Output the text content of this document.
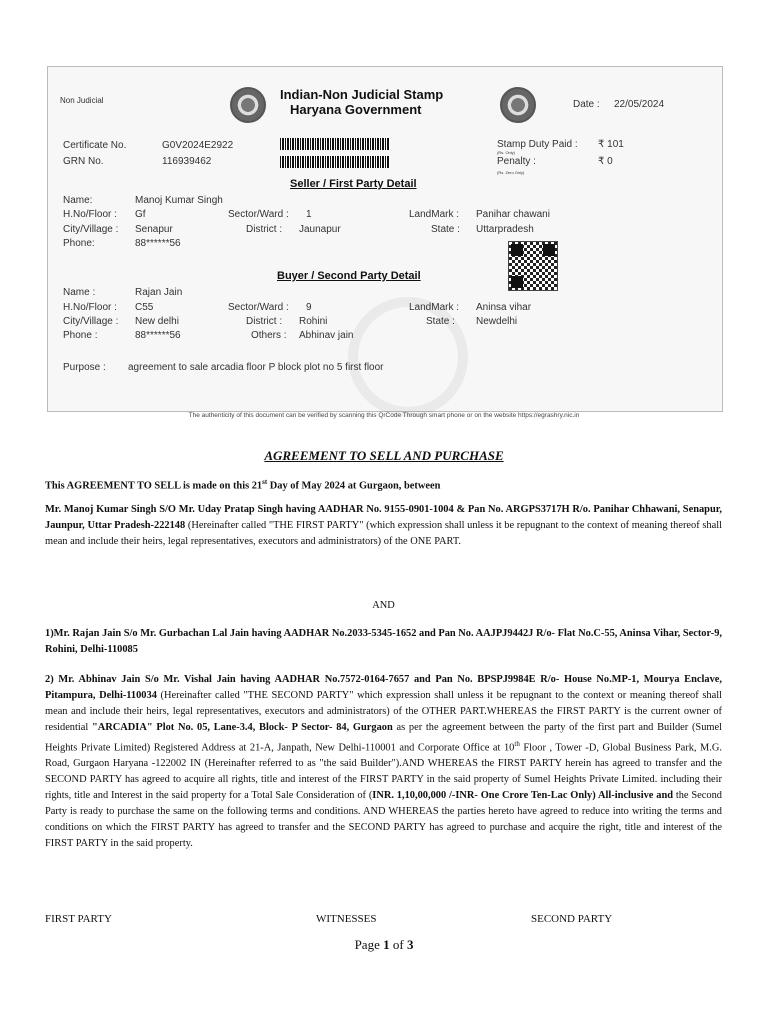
Non Judicial	Indian-Non Judicial Stamp
Haryana Government	Date : 22/05/2024
Certificate No.	G0V2024E2922
GRN No.	116939462
Stamp Duty Paid : ₹ 101
(Rs. Only)
Penalty :	₹ 0
(Rs. Zero Only)
Seller / First Party Detail
Name:	Manoj Kumar Singh
H.No/Floor : Gf	Sector/Ward : 1	LandMark : Panihar chawani
City/Village : Senapur	District : Jaunapur	State : Uttarpradesh
Phone:	88******56
Buyer / Second Party Detail
Name :	Rajan Jain
H.No/Floor : C55	Sector/Ward : 9	LandMark : Aninsa vihar
City/Village : New delhi	District : Rohini	State : Newdelhi
Phone :	88******56	Others : Abhinav jain
Purpose : agreement to sale arcadia floor P block plot no 5 first floor
The authenticity of this document can be verified by scanning this QrCode Through smart phone or on the website https://egrashry.nic.in
AGREEMENT TO SELL AND PURCHASE

This AGREEMENT TO SELL is made on this 21st Day of May 2024 at Gurgaon, between

Mr. Manoj Kumar Singh S/O Mr. Uday Pratap Singh having AADHAR No. 9155-0901-1004 & Pan No. ARGPS3717H R/o. Panihar Chhawani, Senapur, Jaunpur, Uttar Pradesh-222148 (Hereinafter called "THE FIRST PARTY" (which expression shall unless it be repugnant to the context of meaning thereof shall mean and include their heirs, legal representatives, executors and administrators) of the ONE PART.

AND

1)Mr. Rajan Jain S/o Mr. Gurbachan Lal Jain having AADHAR No.2033-5345-1652 and Pan No. AAJPJ9442J R/o- Flat No.C-55, Aninsa Vihar, Sector-9, Rohini, Delhi-110085

2) Mr. Abhinav Jain S/o Mr. Vishal Jain having AADHAR No.7572-0164-7657 and Pan No. BPSPJ9984E R/o- House No.MP-1, Mourya Enclave, Pitampura, Delhi-110034 (Hereinafter called "THE SECOND PARTY" which expression shall unless it be repugnant to the context or meaning thereof shall mean and include their heirs, legal representatives, executors and administrators) of the OTHER PART.WHEREAS the FIRST PARTY is the current owner of residential "ARCADIA" Plot No. 05, Lane-3.4, Block- P Sector- 84, Gurgaon as per the agreement between the party of the first part and Builder (Sumel Heights Private Limited) Registered Address at 21-A, Janpath, New Delhi-110001 and Corporate Office at 10th Floor , Tower -D, Global Business Park, M.G. Road, Gurgaon Haryana -122002 IN (Hereinafter referred to as "the said Builder").AND WHEREAS the FIRST PARTY herein has agreed to transfer and the SECOND PARTY has agreed to acquire all rights, title and interest of the FIRST PARTY in the said property of Sumel Heights Private Limited. including their rights, title and Interest in the said property for a Total Sale Consideration of (INR. 1,10,00,000 /-INR- One Crore Ten-Lac Only) All-inclusive and the Second Party is ready to purchase the same on the following terms and conditions. AND WHEREAS the parties hereto have agreed to reduce into writing the terms and conditions on which the FIRST PARTY has agreed to transfer and the SECOND PARTY has agreed to purchase and acquire the right, title and interest of the FIRST PARTY in the said property.

FIRST PARTY	WITNESSES	SECOND PARTY
Page 1 of 3
